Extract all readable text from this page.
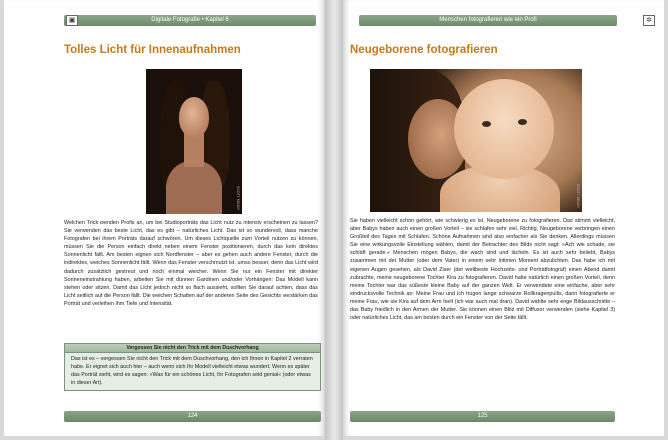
Digitale Fotografie • Kapitel 6
▣
Tolles Licht für Innenaufnahmen
SCOTT KELBY
Welchen Trick wenden Profis an, um bei Studioporträts das Licht nutz zu intensiv erscheinen zu lassen? Sie verwenden das beste Licht, das es gibt – natürliches Licht. Das ist so wundervoll, dass manche Fotografen bei ihrem Porträts darauf schwören. Um dieses Lichtquelle zum Vorteil nutzen zu können, müssen Sie die Person einfach direkt neben einem Fenster positionieren, durch das kein direktes Sonnenlicht fällt. Am besten eignen sich Nordfenster – aber es gehen auch andere Fenster, durch die indirektes, weiches Sonnenlicht fällt. Wenn das Fenster verschmutzt ist, umso besser, denn das Licht wird dadurch zusätzlich gestreut und noch einmal weicher. Wenn Sie nur ein Fenster mit direkter Sonneneinstrahlung haben, arbeiten Sie mit dünnen Gardinen und/oder Vorhängen: Das Modell kann stehen oder sitzen. Damit das Licht jedoch nicht so flach aussieht, sollten Sie darauf achten, dass das Licht seitlich auf die Person fällt. Die weichen Schatten auf der anderen Seite des Gesichts verstärken das Porträt und verleihen ihm Tiefe und Intensität.
Vergessen Sie nicht den Trick mit dem Duschvorhang
Das ist es – vergessen Sie nicht den Trick mit dem Duschvorhang, den ich Ihnen in Kapitel 2 verraten habe. Er eignet sich auch hier – auch wenn sich Ihr Modell vielleicht etwas wundert. Wenn es später das Porträt sieht, wird es sagen: »Was für ein schönes Licht, Ihr Fotografen seid genial« (oder etwas in dieser Art).
124
Menschen fotografieren wie ein Profi	✲
Neugeborene fotografieren
SCOTT KELBY
Sie haben vielleicht schon gehört, wie schwierig es ist, Neugeborene zu fotografieren. Das stimmt vielleicht, aber Babys haben auch einen großen Vorteil – sie schlafen sehr viel. Richtig, Neugeborene verbringen einen Großteil des Tages mit Schlafen. Schöne Aufnahmen sind also einfacher als Sie denken. Allerdings müssen Sie eine wirkungsvolle Einstellung wählen, damit der Betrachter des Bilds nicht sagt: »Ach wie schade, sie schläft gerade.« Menschen mögen Babys, die wach sind und lächeln. Es ist auch sehr beliebt, Babys zusammen mit der Mutter (oder dem Vater) in einem sehr intimen Moment abzulichten. Das habe ich mit eigenen Augen gesehen, als David Ziser (der weltbeste Hochzeits- und Porträtfotograf) einen Abend damit zubrachte, meine neugeborene Tochter Kira zu fotografieren. David hatte natürlich einen großen Vorteil, denn meine Tochter war das süßeste kleine Baby auf der ganzen Welt. Er verwendete eine einfache, aber sehr eindrucksvolle Technik an: Meine Frau und ich trugen lange schwarze Rollkragenpullis, dann fotografierte er meine Frau, wie sie Kira auf dem Arm hielt (ich war auch mal dran). David wählte sehr enge Bildausschnitte – das Baby friedlich in den Armen der Mutter. Sie können einen Blitz mit Diffusor verwenden (siehe Kapitel 3) oder natürliches Licht, das am besten durch ein Fenster von der Seite fällt.
125
